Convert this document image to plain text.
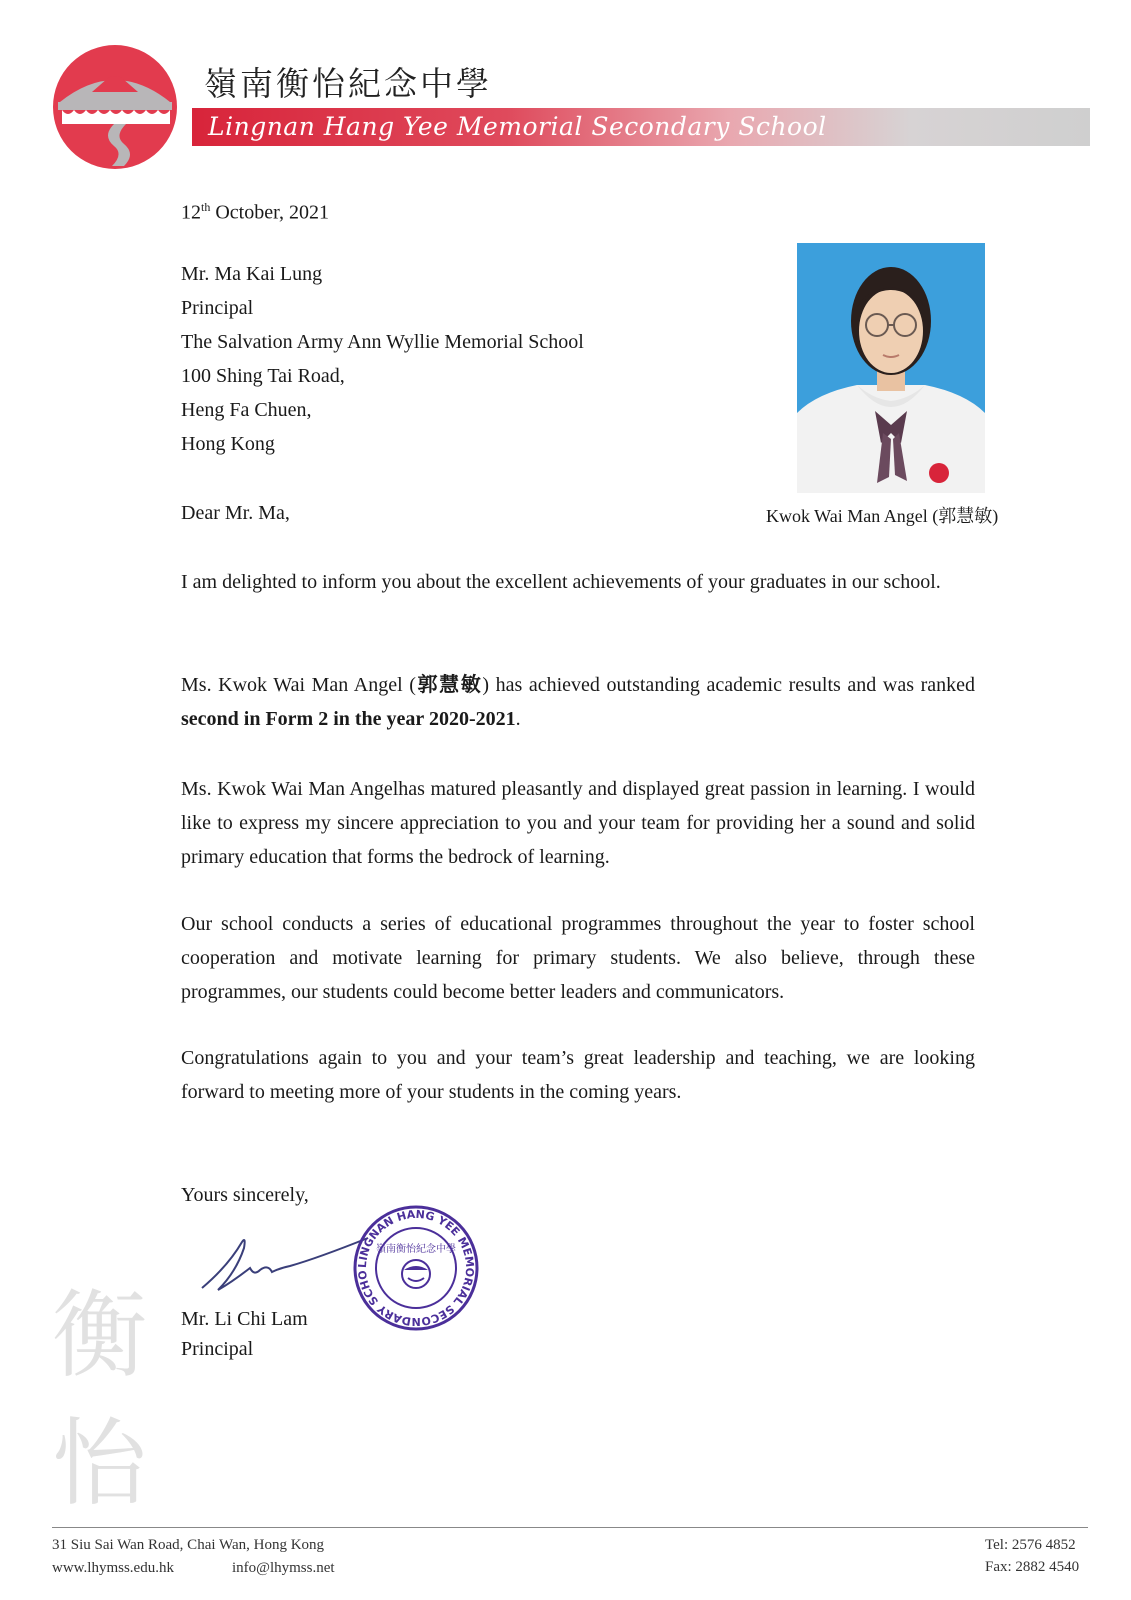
嶺南衡怡紀念中學
Lingnan Hang Yee Memorial Secondary School
12th October, 2021
Mr. Ma Kai Lung
Principal
The Salvation Army Ann Wyllie Memorial School
100 Shing Tai Road,
Heng Fa Chuen,
Hong Kong
Kwok Wai Man Angel (郭慧敏)
Dear Mr. Ma,
I am delighted to inform you about the excellent achievements of your graduates in our school.
Ms. Kwok Wai Man Angel (郭慧敏) has achieved outstanding academic results and was ranked second in Form 2 in the year 2020-2021.
Ms. Kwok Wai Man Angelhas matured pleasantly and displayed great passion in learning. I would like to express my sincere appreciation to you and your team for providing her a sound and solid primary education that forms the bedrock of learning.
Our school conducts a series of educational programmes throughout the year to foster school cooperation and motivate learning for primary students. We also believe, through these programmes, our students could become better leaders and communicators.
Congratulations again to you and your team’s great leadership and teaching, we are looking forward to meeting more of your students in the coming years.
Yours sincerely,
LINGNAN HANG YEE MEMORIAL SECONDARY SCHO
嶺南衡怡紀念中學
Mr. Li Chi Lam
Principal
衡怡
31 Siu Sai Wan Road, Chai Wan, Hong Kong
www.lhymss.edu.hk	info@lhymss.net
Tel: 2576 4852
Fax: 2882 4540
